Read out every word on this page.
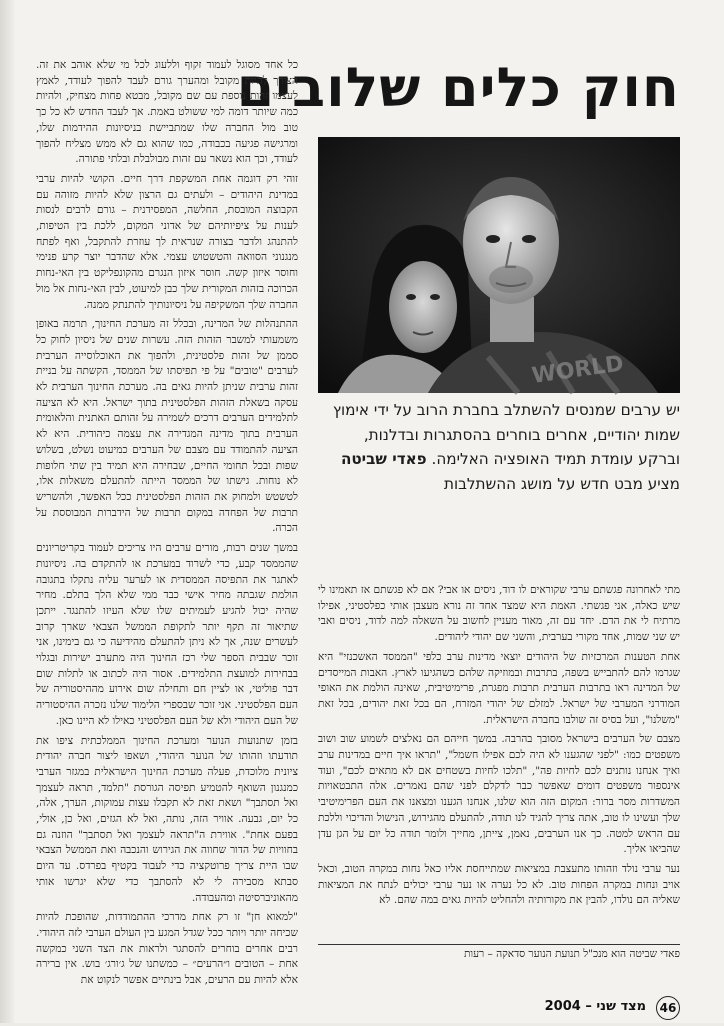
חוק כלים שלובים
WORLD
יש ערבים שמנסים להשתלב בחברת הרוב על ידי אימוץ שמות יהודיים, אחרים בוחרים בהסתגרות ובדלנות, וברקע עומדת תמיד האופציה האלימה. פאדי שביטה מציע מבט חדש על מושג ההשתלבות

מתי לאחרונה פגשתם ערבי שקוראים לו דוד, ניסים או אבי? אם לא פגשתם אז תאמינו לי שיש כאלה, אני פגשתי. האמת היא שמצד אחד זה נורא מעצבן אותי כפלסטיני, אפילו מרתיח לי את הדם. יחד עם זה, מאוד מעניין לחשוב על השאלה למה לדוד, ניסים ואבי יש שני שמות, אחד מקורי בערבית, והשני שם יהודי ליהודים.

אחת הטענות המרכזיות של היהודים יוצאי מדינות ערב כלפי "הממסד האשכנזי" היא שגרמו להם להתבייש בשפה, בתרבות ובמוזיקה שלהם כשהגיעו לארץ. האבות המייסדים של המדינה ראו בתרבות הערבית תרבות מפגרת, פרימיטיבית, שאינה הולמת את האופי המודרני המערבי של ישראל. למזלם של יהודי המזרח, הם בכל זאת יהודים, בכל זאת "משלנו", ועל בסיס זה שולבו בחברה הישראלית.

מצבם של הערבים בישראל מסובך בהרבה. במשך חייהם הם נאלצים לשמוע שוב ושוב משפטים כמו: "לפני שהגענו לא היה לכם אפילו חשמל", "תראו איך חיים במדינות ערב ואיך אנחנו נותנים לכם לחיות פה", "תלכו לחיות בשטחים אם לא מתאים לכם", ועוד אינספור משפטים דומים שאפשר כבר לדקלם לפני שהם נאמרים. אלה התבטאויות המשדרות מסר ברור: המקום הזה הוא שלנו, אנחנו הגענו ומצאנו את העם הפרימיטיבי שלך ועשינו לו טוב, אתה צריך להגיד לנו תודה, להתעלם מהגירוש, הנישול והדיכוי וללכת עם הראש למטה. כך אנו הערבים, נאמן, צייתן, מחייך ולומר תודה כל יום על הגן עדן שהביאו אליך.

נער ערבי נולד וזהותו מתעצבת במציאות שמתייחסת אליו כאל נחות במקרה הטוב, וכאל אויב ונחות במקרה הפחות טוב. לא כל נערה או נער ערבי יכולים לנתח את המציאות שאליה הם נולדו, להבין את מקורותיה ולהחליט להיות גאים במה שהם. לא

כל אחד מסוגל לעמוד זקוף וללעוג לכל מי שלא אוהב את זה. הצורך להיות מקובל ומהערך גורם לעבד להפוך לעודד, לאמץ לעצמו זהות נוספת עם שם מקובל, מבטא פחות מצחיק, ולהיות כמה שיותר דומה למי ששולט באמת. אך לעבד החדש לא כל כך טוב מול החברה שלו שמתביישת בניסיונות ההידמות שלו, ומרגישה פגיעה בכבודה, כמו שהוא גם לא ממש מצליח להפוך לעודד, וכך הוא נשאר עם זהות מבולבלת ובלתי פתורה.

זוהי רק דוגמה אחת המשקפת דרך חיים. הקושי להיות ערבי במדינת היהודים – ולעתים גם הרצון שלא להיות מזוהה עם הקבוצה המובסת, החלשה, המפסידנית – גורם לרבים לנסות לענות על ציפיותיהם של אדוני המקום, ללכת בין הטיפות, להתנהג ולדבר בצורה שנראית לך עוזרת להתקבל, ואף לפתח מנגנוני הסוואה והטשטוש עצמי. אלא שהדבר יוצר קרע פנימי וחוסר איזון קשה. חוסר איזון הנגרם מהקונפליקט בין האי-נחות הכרוכה בזהות המקורית שלך כבן למיעוט, לבין האי-נחות אל מול החברה שלך המשקיפה על ניסיונותיך להתנתק ממנה.

ההתנהלות של המדינה, ובכלל זה מערכת החינוך, תרמה באופן משמעותי למשבר הזהות הזה. עשרות שנים של ניסיון לחוק כל סממן של זהות פלסטינית, ולהפוך את האוכלוסייה הערבית לערבים "טובים" על פי תפיסתו של הממסד, הקשתה על בניית זהות ערבית שניתן להיות גאים בה. מערכת החינוך הערבית לא עסקה בשאלת הזהות הפלסטינית בתוך ישראל. היא לא הציעה לתלמידים הערבים דרכים לשמירה על זהותם האתנית והלאומית הערבית בתוך מדינה המגדירה את עצמה כיהודית. היא לא הציעה להתמודד עם מצבם של הערבים כמיעוט נשלט, בשלוש שפות ובכל תחומי החיים, שבחירה היא תמיד בין שתי חלופות לא נוחות. גישתו של הממסד הייתה להתעלם משאלות אלו, לטשטש ולמחוק את הזהות הפלסטינית ככל האפשר, ולהשריש תרבות של הפחדה במקום תרבות של הידברות המבוססת על הכרה.

במשך שנים רבות, מורים ערבים היו צריכים לעמוד בקריטריונים שהממסד קבע, כדי לשרוד במערכת או להתקדם בה. ניסיונות לאתגר את התפיסה הממסדית או לערער עליה נתקלו בתגובה הולמת שגבתה מחיר אישי כבד ממי שלא הלך בתלם. מחיר שהיה יכול להגיע לעמיתים שלו שלא העיזו להתנגד. ייתכן שתיאור זה תקף יותר לתקופת הממשל הצבאי שארך קרוב לעשרים שנה, אך לא ניתן להתעלם מהידיעה כי גם בימינו, אני זוכר שבבית הספר שלי רכז החינוך היה מתערב ישירות ובגלוי בבחירות למועצת התלמידים. אסור היה לכתוב או לתלות שום דבר פוליטי, או לציין חם ותחילה שום אירוע מההיסטוריה של העם הפלסטיני. אני זוכר שבספרי הלימוד שלנו נזכרה ההיסטוריה של העם היהודי ולא של העם הפלסטיני כאילו לא היינו כאן.

בזמן שתנועות הנוער ומערכת החינוך הממלכתית ציפו את תודעתו וזהותו של הנוער היהודי, ושאפו ליצור חברה יהודית ציונית מלוכדת, פעלה מערכת החינוך הישראלית במגזר הערבי כמנגנון השואף להטמיע תפיסה הגורסת "תלמד, תראה לעצמך ואל תסתבך" ושאת זאת לא תקבלו עצות עמוקות, הערך, אלה, כל יום, גבעה. אוויר הזה, נותה, ואל לא הגזים, ואל כן, אולי, בפעם אחת". אווירת ה"תראה לעצמך ואל תסתבך" הוזנה גם בחוויות של הדור שחווה את הגירוש והנכבה ואת הממשל הצבאי שבו היית צריך פרוטקציה כדי לעבוד בקטיף בפרדס. עד היום סבתא מסבירה לי לא להסתבך כדי שלא יגרשו אותי מהאוניברסיטה ומהעבודה.

"למאוא חן" זו רק אחת מדרכי ההתמודדות, שהופכת להיות שכיחה יותר ויותר ככל שגדל המגע בין העולם הערבי לזה היהודי. רבים אחרים בוחרים להסתגר ולראות את הצד השני כמקשה אחת – הטובים ו״הרעים״ – כמשתנו של ג׳ורג׳ בוש. אין ברירה אלא להיות עם הרעים, אבל בינתיים אפשר לנקוט את

פאדי שביטה הוא מנכ"ל תנועת הנוער סדאקה – רעות
46
מצד שני – 2004
